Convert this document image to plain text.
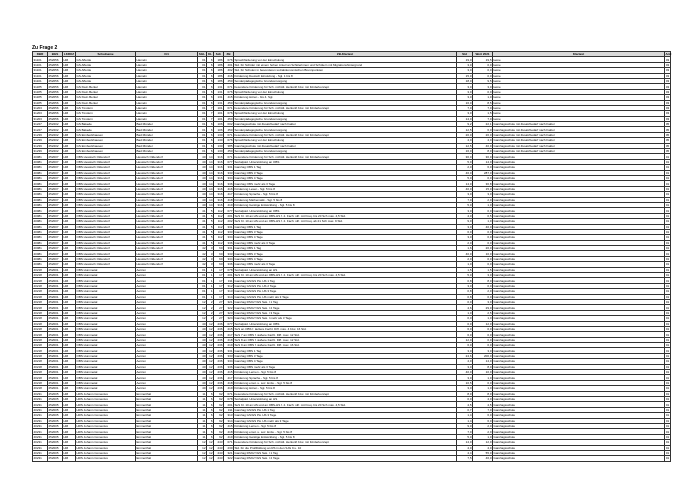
Zu Frage 2
DBR	BGS	LKRKZ	Schulname	Ort	SGL	KL	Sch	ZB	ZB-Klartext	Std	Wert 2021	Klartext	Antl
31101	252056	HM	GS Afferde	Hameln	01	6	186	076	Sprachförderung vor der Einschulung	19,0	19,5	keine	03
31101	252056	HM	GS Afferde	Hameln	01	6	186	401	Std. für Schüler mit einem hohen Anteil an Schülerinnen und Schülern mit Migrationshintergrund	3,0	0,0	keine	03
31101	252056	HM	GS Afferde	Hameln	01	6	186	402	Std. für Schulen in besonderen sozialökonomischen Brennpunkten	3,0	0,0	keine	03
31101	252056	HM	GS Afferde	Hameln	01	6	186	416	Förderung Deutsch Einstufung - Sgl. 1 bis 8	15,0	0,0	keine	03
31101	252056	HM	GS Afferde	Hameln	01	6	186	450	Sonderpädagogische Grundversorgung	18,0	9,5	keine	03
31185	252056	HM	GS Klein Berkel	Hameln	01	6	131	071	besondere Förderung für Sch. nichtdt. Herkunft bzw. mit Förderkonzept	3,0	3,0	keine	03
31185	252056	HM	GS Klein Berkel	Hameln	01	6	131	076	Sprachförderung vor der Einschulung	3,0	0,0	keine	03
31185	252056	HM	GS Klein Berkel	Hameln	01	6	131	415	Förderung Hören - bis 4. Sgl.	3,0	1,0	keine	03
31185	252056	HM	GS Klein Berkel	Hameln	01	6	131	450	Sonderpädagogische Grundversorgung	16,0	8,5	keine	03
31203	252056	HM	GS Tündern	Hameln	01	7	101	071	besondere Förderung für Sch. nichtdt. Herkunft bzw. mit Förderkonzept	7,0	7,0	keine	03
31203	252056	HM	GS Tündern	Hameln	01	7	101	076	Sprachförderung vor der Einschulung	3,0	1,5	keine	03
31203	252056	HM	GS Tündern	Hameln	01	7	101	450	Sonderpädagogische Grundversorgung	14,0	7,0	keine	03
31227	252202	HM	GS Bakede	Bad Münder	01	6	106	002	Ganztagsschule mit Zusatzbedarf nach Faktor	9,2	22,1	Ganztagsschule mit Zusatzbedarf nach Faktor	05
31227	252202	HM	GS Bakede	Bad Münder	01	6	106	450	Sonderpädagogische Grundversorgung	12,5	6,0	Ganztagsschule mit Zusatzbedarf nach Faktor	05
31239	252202	HM	GS Eimbeckhausen	Bad Münder	01	6	130	071	besondere Förderung für Sch. nichtdt. Herkunft bzw. mit Förderkonzept	20,0	20,0	Ganztagsschule mit Zusatzbedarf nach Faktor	05
31239	252202	HM	GS Eimbeckhausen	Bad Münder	01	6	130	076	Sprachförderung vor der Einschulung	4,0	4,0	Ganztagsschule mit Zusatzbedarf nach Faktor	05
31239	252202	HM	GS Eimbeckhausen	Bad Münder	01	6	130	385	Ganztagsschule mit Zusatzbedarf nach Faktor	12,5	40,9	Ganztagsschule mit Zusatzbedarf nach Faktor	05
31239	252202	HM	GS Eimbeckhausen	Bad Münder	01	6	130	450	Sonderpädagogische Grundversorgung	16,0	8,0	Ganztagsschule mit Zusatzbedarf nach Faktor	05
40081	252007	HM	OBS Hessisch Oldendorf	Hessisch Oldendorf	40	14	316	071	besondere Förderung für Sch. nichtdt. Herkunft bzw. mit Förderkonzept	30,0	30,0	Ganztagsschule	01
40081	252007	HM	OBS Hessisch Oldendorf	Hessisch Oldendorf	40	14	316	077	Sozialpäd. Unterstützung an OBS	5,0	14,0	Ganztagsschule	01
40081	252007	HM	OBS Hessisch Oldendorf	Hessisch Oldendorf	40	14	316	331	Ganztag OBS 1 Tag	2,0	6,0	Ganztagsschule	01
40081	252007	HM	OBS Hessisch Oldendorf	Hessisch Oldendorf	40	14	316	333	Ganztag OBS 3 Tage	46,0	287,0	Ganztagsschule	01
40081	252007	HM	OBS Hessisch Oldendorf	Hessisch Oldendorf	40	14	316	334	Ganztag OBS 4 Tage	5,0	0,0	Ganztagsschule	01
40081	252007	HM	OBS Hessisch Oldendorf	Hessisch Oldendorf	40	14	316	336	Ganztag OBS mehr als 3 Tage	14,0	30,8	Ganztagsschule	01
40081	252007	HM	OBS Hessisch Oldendorf	Hessisch Oldendorf	40	14	316	416	Förderung Lesen - Sgl. 5 bis 8	40,0	15,0	Ganztagsschule	01
40081	252007	HM	OBS Hessisch Oldendorf	Hessisch Oldendorf	40	14	316	417	Förderung Sprache - Sgl. 5 bis 8	3,0	3,0	Ganztagsschule	01
40081	252007	HM	OBS Hessisch Oldendorf	Hessisch Oldendorf	40	14	316	418	Förderung Mathematik - Sgl. 5 bis 8	7,0	2,0	Ganztagsschule	01
40081	252007	HM	OBS Hessisch Oldendorf	Hessisch Oldendorf	40	14	316	419	Förderung Geistige Entwicklung - Sgl. 5 bis 8	5,0	1,0	Ganztagsschule	01
40081	252007	HM	OBS Hessisch Oldendorf	Hessisch Oldendorf	41	5	112	077	Sozialpäd. Unterstützung an OBS	3,0	0,0	Ganztagsschule	01
40081	252007	HM	OBS Hessisch Oldendorf	Hessisch Oldendorf	41	5	112	201	SuS Kl. 10 an HS und an OBS-HS f. 4. Fach: stlf. mit Freq. bis 20 Sch max. 4,5 Std.	4,0	0,5	Ganztagsschule	01
40081	252007	HM	OBS Hessisch Oldendorf	Hessisch Oldendorf	41	5	112	202	SuS Kl. 10 an HS und an OBS-HS f. 4. Fach: stlf. mit Freq. ab 21 Sch max. 9 Std.	9,0	1,0	Ganztagsschule	01
40081	252007	HM	OBS Hessisch Oldendorf	Hessisch Oldendorf	41	5	112	331	Ganztag OBS 1 Tag	3,0	40,0	Ganztagsschule	01
40081	252007	HM	OBS Hessisch Oldendorf	Hessisch Oldendorf	41	5	112	333	Ganztag OBS 3 Tage	6,0	0,0	Ganztagsschule	01
40081	252007	HM	OBS Hessisch Oldendorf	Hessisch Oldendorf	41	5	112	334	Ganztag OBS 4 Tage	3,0	0,0	Ganztagsschule	01
40081	252007	HM	OBS Hessisch Oldendorf	Hessisch Oldendorf	41	5	112	336	Ganztag OBS mehr als 3 Tage	2,0	0,0	Ganztagsschule	01
40081	252007	HM	OBS Hessisch Oldendorf	Hessisch Oldendorf	42	3	60	331	Ganztag OBS 1 Tag	1,6	20,0	Ganztagsschule	01
40081	252007	HM	OBS Hessisch Oldendorf	Hessisch Oldendorf	42	3	60	333	Ganztag OBS 3 Tage	40,0	10,0	Ganztagsschule	01
40081	252007	HM	OBS Hessisch Oldendorf	Hessisch Oldendorf	42	3	60	334	Ganztag OBS 4 Tage	2,0	0,0	Ganztagsschule	01
40081	252007	HM	OBS Hessisch Oldendorf	Hessisch Oldendorf	42	3	60	336	Ganztag OBS mehr als 3 Tage	1,0	0,0	Ganztagsschule	01
40218	252001	HM	OBS Hummetal	Aerzen	01	1	17	078	Sozialpäd. Unterstützung an HS	1,5	1,5	Ganztagsschule	01
40218	252001	HM	OBS Hummetal	Aerzen	01	1	17	201	SuS Kl. 10 an HS und an OBS-HS f. 4. Fach: stlf. mit Freq. bis 20 Sch max. 4,5 Std.	5,0	3,0	Ganztagsschule	01
40218	252001	HM	OBS Hummetal	Aerzen	01	1	17	311	Ganztag GS/GS Pä. HS 1 Tag	0,8	8,0	Ganztagsschule	01
40218	252001	HM	OBS Hummetal	Aerzen	01	1	17	312	Ganztag GS/GS Pä. HS 2 Tage	3,0	0,0	Ganztagsschule	01
40218	252001	HM	OBS Hummetal	Aerzen	01	1	17	313	Ganztag GS/GS Pä. HS 3 Tage	0,8	2,0	Ganztagsschule	01
40218	252001	HM	OBS Hummetal	Aerzen	01	1	17	314	Ganztag GS/GS Pä. HS mehr als 3 Tage	0,8	0,0	Ganztagsschule	01
40218	252001	HM	OBS Hummetal	Aerzen	12	2	27	321	Ganztag RS/GY/GS Sek. I 1 Tag	0,0	3,0	Ganztagsschule	01
40218	252001	HM	OBS Hummetal	Aerzen	12	2	27	322	Ganztag RS/GY/GS Sek. I 2 Tage	4,6	29,0	Ganztagsschule	01
40218	252001	HM	OBS Hummetal	Aerzen	12	2	27	323	Ganztag RS/GY/GS Sek. I 3 Tage	1,0	2,5	Ganztagsschule	01
40218	252001	HM	OBS Hummetal	Aerzen	12	2	27	324	Ganztag RS/GY/GS Sek. I mehr als 3 Tage	0,0	1,0	Ganztagsschule	01
40218	252001	HM	OBS Hummetal	Aerzen	40	12	236	077	Sozialpäd. Unterstützung an OBS	0,0	12,0	Ganztagsschule	01
40218	252001	HM	OBS Hummetal	Aerzen	40	12	236	215	SuS an OBS f. äußere Fachl. Diff. max. 4 bzw. 16 Std.	6,0	0,0	Ganztagsschule	01
40218	252001	HM	OBS Hummetal	Aerzen	40	12	236	217	SuS 7 an OBS f. äußere Fachl. Diff. max. 12 Std.	6,0	0,0	Ganztagsschule	01
40218	252001	HM	OBS Hummetal	Aerzen	40	12	236	218	SuS 8 an OBS f. äußere Fachl. Diff. max. 12 Std.	12,0	0,0	Ganztagsschule	01
40218	252001	HM	OBS Hummetal	Aerzen	40	12	236	219	SuS 9 an OBS f. äußere Fachl. Diff. max. 16 Std.	6,0	0,0	Ganztagsschule	01
40218	252001	HM	OBS Hummetal	Aerzen	40	12	236	331	Ganztag OBS 1 Tag	3,0	3,0	Ganztagsschule	01
40218	252001	HM	OBS Hummetal	Aerzen	40	12	236	333	Ganztag OBS 3 Tage	24,6	200,0	Ganztagsschule	01
40218	252001	HM	OBS Hummetal	Aerzen	40	12	236	334	Ganztag OBS 4 Tage	4,0	14,0	Ganztagsschule	01
40218	252001	HM	OBS Hummetal	Aerzen	40	12	236	336	Ganztag OBS mehr als 3 Tage	3,0	8,0	Ganztagsschule	01
40218	252001	HM	OBS Hummetal	Aerzen	40	12	236	415	Förderung Lernen - Sgl. 5 bis 8	40,0	10,0	Ganztagsschule	01
40218	252001	HM	OBS Hummetal	Aerzen	40	12	236	417	Förderung Sprache - Sgl. 5 bis 8	3,0	1,0	Ganztagsschule	01
40218	252001	HM	OBS Hummetal	Aerzen	40	12	236	418	Förderung emot. u. soz. Entw. - Sgl. 5 bis 8	10,5	0,0	Ganztagsschule	01
40218	252001	HM	OBS Hummetal	Aerzen	40	12	236	419	Förderung Hören - Sgl. 5 bis 8	3,0	1,0	Ganztagsschule	01
40231	252005	HM	HRS Johann Comenius	Emmerthal	11	6	92	071	besondere Förderung für Sch. nichtdt. Herkunft bzw. mit Förderkonzept	8,0	8,0	Ganztagsschule	01
40231	252005	HM	HRS Johann Comenius	Emmerthal	11	6	92	078	Sozialpäd. Unterstützung an HS	0,0	4,0	Ganztagsschule	01
40231	252005	HM	HRS Johann Comenius	Emmerthal	11	6	92	201	SuS Kl. 10 an HS und an OBS-HS f. 4. Fach: stlf. mit Freq. bis 20 Sch max. 4,5 Std.	4,5	4,5	Ganztagsschule	01
40231	252005	HM	HRS Johann Comenius	Emmerthal	11	6	92	311	Ganztag GS/GS Pä. HS 1 Tag	0,7	7,0	Ganztagsschule	01
40231	252005	HM	HRS Johann Comenius	Emmerthal	11	6	92	313	Ganztag GS/GS Pä. HS 3 Tage	1,4	6,0	Ganztagsschule	01
40231	252005	HM	HRS Johann Comenius	Emmerthal	11	6	92	314	Ganztag GS/GS Pä. HS mehr als 3 Tage	1,4	6,0	Ganztagsschule	01
40231	252005	HM	HRS Johann Comenius	Emmerthal	11	6	92	415	Förderung Lernen - Sgl. 5 bis 8	9,0	2,0	Ganztagsschule	01
40231	252005	HM	HRS Johann Comenius	Emmerthal	11	6	92	418	Förderung emot. u. soz. Entw. - Sgl. 5 bis 8	7,0	2,0	Ganztagsschule	01
40231	252005	HM	HRS Johann Comenius	Emmerthal	11	6	92	419	Förderung Geistige Entwicklung - Sgl. 5 bis 8	5,0	1,0	Ganztagsschule	01
40231	252005	HM	HRS Johann Comenius	Emmerthal	12	12	243	071	besondere Förderung für Sch. nichtdt. Herkunft bzw. mit Förderkonzept	14,0	12,0	Ganztagsschule	01
40231	252005	HM	HRS Johann Comenius	Emmerthal	12	12	243	230	Std. für die Profilbildung an RS in den SJG 9 u. 10	4,0	4,0	Ganztagsschule	01
40231	252005	HM	HRS Johann Comenius	Emmerthal	12	12	243	321	Ganztag RS/GY/GS Sek. I 1 Tag	4,4	55,0	Ganztagsschule	01
40231	252005	HM	HRS Johann Comenius	Emmerthal	12	12	243	322	Ganztag RS/GY/GS Sek. I 2 Tage	7,5	46,0	Ganztagsschule	01
